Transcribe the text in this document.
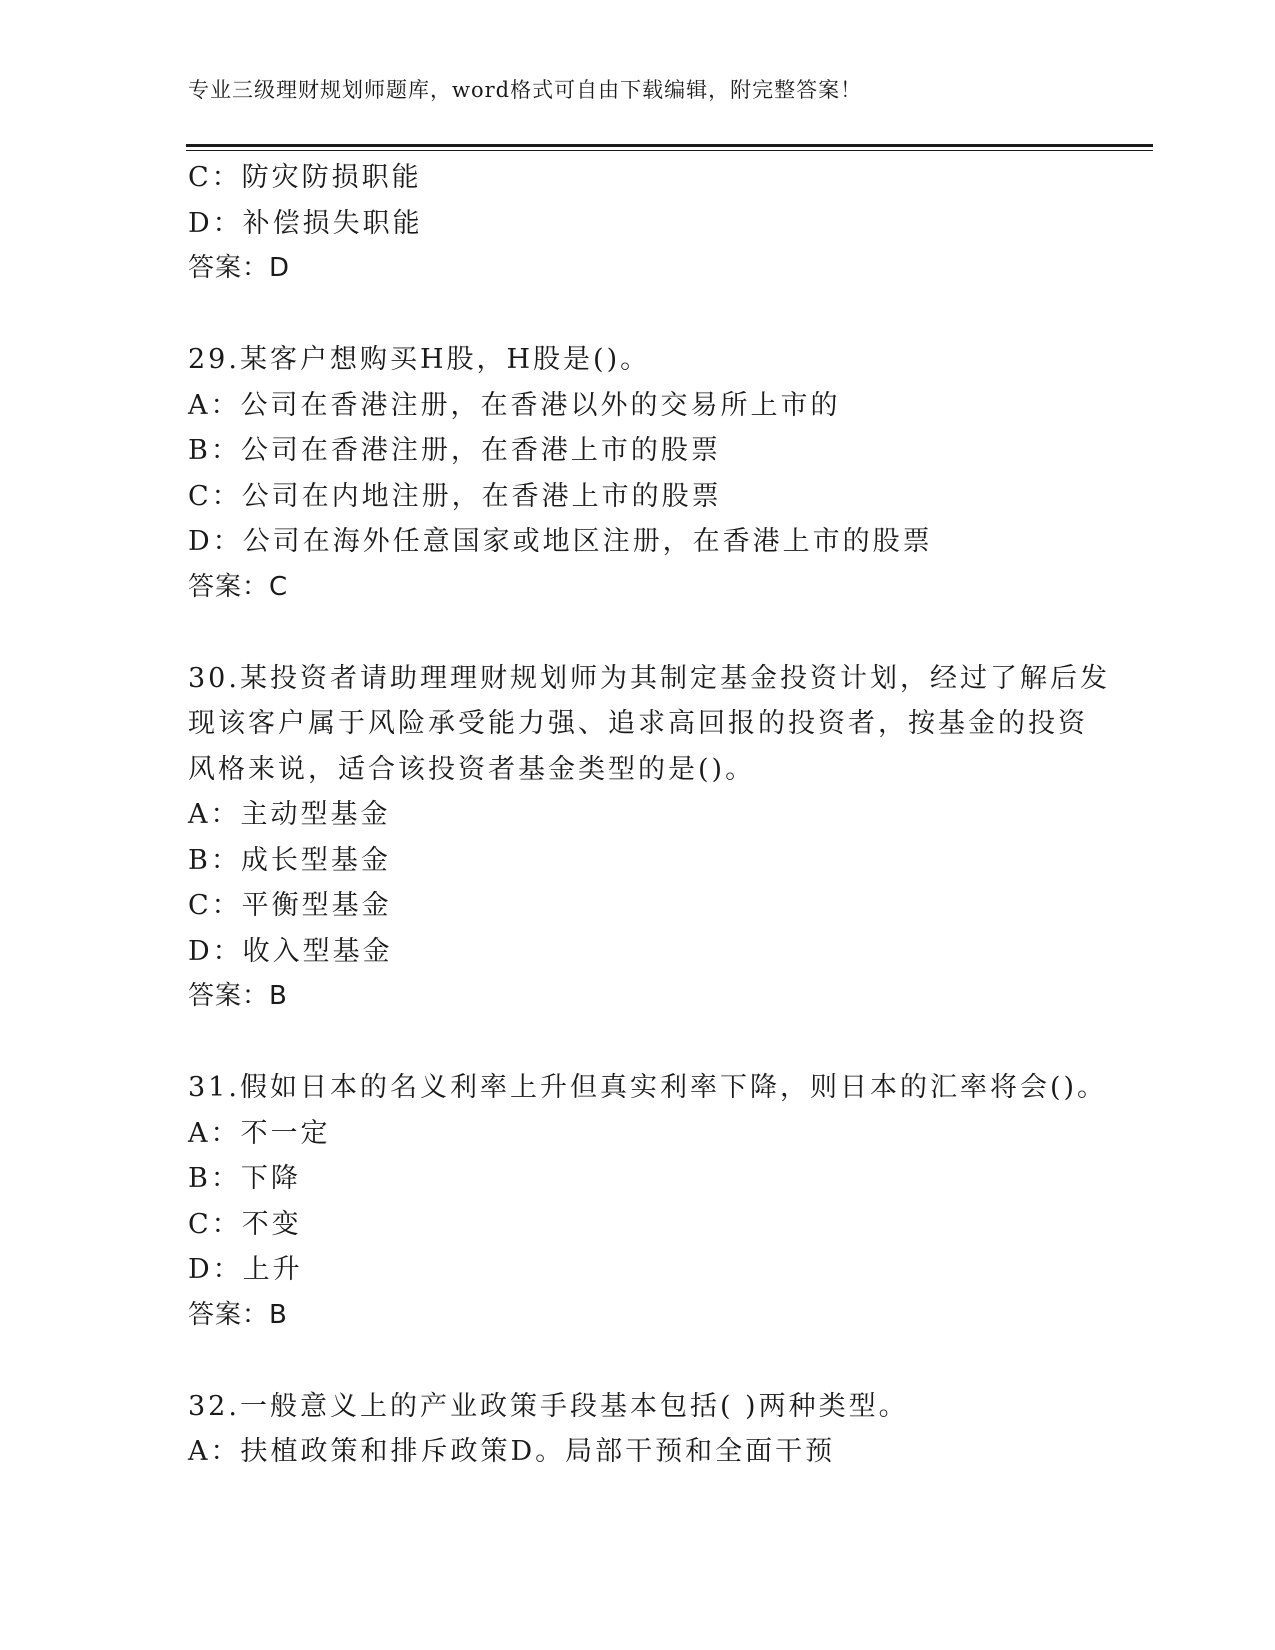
专业三级理财规划师题库，word格式可自由下载编辑，附完整答案！
C：防灾防损职能
D：补偿损失职能
答案：D
29.某客户想购买H股，H股是()。
A：公司在香港注册，在香港以外的交易所上市的
B：公司在香港注册，在香港上市的股票
C：公司在内地注册，在香港上市的股票
D：公司在海外任意国家或地区注册，在香港上市的股票
答案：C
30.某投资者请助理理财规划师为其制定基金投资计划，经过了解后发
现该客户属于风险承受能力强、追求高回报的投资者，按基金的投资
风格来说，适合该投资者基金类型的是()。
A：主动型基金
B：成长型基金
C：平衡型基金
D：收入型基金
答案：B
31.假如日本的名义利率上升但真实利率下降，则日本的汇率将会()。
A：不一定
B：下降
C：不变
D：上升
答案：B
32.一般意义上的产业政策手段基本包括( )两种类型。
A：扶植政策和排斥政策D。局部干预和全面干预
